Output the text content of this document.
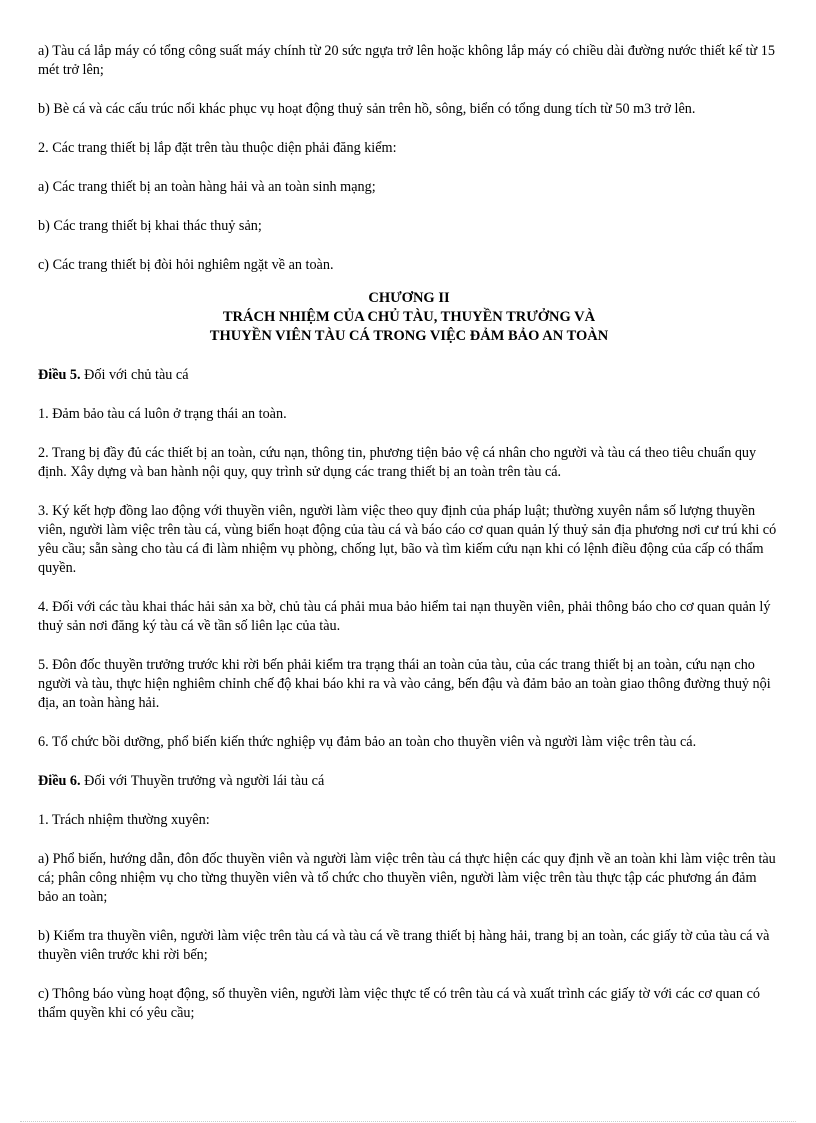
a) Tàu cá lắp máy có tổng công suất máy chính từ 20 sức ngựa trở lên hoặc không lắp máy có chiều dài đường nước thiết kế từ 15 mét trở lên;

b) Bè cá và các cấu trúc nổi khác phục vụ hoạt động thuỷ sản trên hồ, sông, biển có tổng dung tích từ 50 m3 trở lên.

2. Các trang thiết bị lắp đặt trên tàu thuộc diện phải đăng kiểm:

a) Các trang thiết bị an toàn hàng hải và an toàn sinh mạng;

b) Các trang thiết bị khai thác thuỷ sản;

c) Các trang thiết bị đòi hỏi nghiêm ngặt về an toàn.

CHƯƠNG II
TRÁCH NHIỆM CỦA CHỦ TÀU, THUYỀN TRƯỞNG VÀ
THUYỀN VIÊN TÀU CÁ TRONG VIỆC ĐẢM BẢO AN TOÀN

Điều 5. Đối với chủ tàu cá

1. Đảm bảo tàu cá luôn ở trạng thái an toàn.

2. Trang bị đầy đủ các thiết bị an toàn, cứu nạn, thông tin, phương tiện bảo vệ cá nhân cho người và tàu cá theo tiêu chuẩn quy định. Xây dựng và ban hành nội quy, quy trình sử dụng các trang thiết bị an toàn trên tàu cá.

3. Ký kết hợp đồng lao động với thuyền viên, người làm việc theo quy định của pháp luật; thường xuyên nắm số lượng thuyền viên, người làm việc trên tàu cá, vùng biển hoạt động của tàu cá và báo cáo cơ quan quản lý thuỷ sản địa phương nơi cư trú khi có yêu cầu; sẵn sàng cho tàu cá đi làm nhiệm vụ phòng, chống lụt, bão và tìm kiếm cứu nạn khi có lệnh điều động của cấp có thẩm quyền.

4. Đối với các tàu khai thác hải sản xa bờ, chủ tàu cá phải mua bảo hiểm tai nạn thuyền viên, phải thông báo cho cơ quan quản lý thuỷ sản nơi đăng ký tàu cá về tần số liên lạc của tàu.

5. Đôn đốc thuyền trưởng trước khi rời bến phải kiểm tra trạng thái an toàn của tàu, của các trang thiết bị an toàn, cứu nạn cho người và tàu, thực hiện nghiêm chỉnh chế độ khai báo khi ra và vào cảng, bến đậu và đảm bảo an toàn giao thông đường thuỷ nội địa, an toàn hàng hải.

6. Tổ chức bồi dưỡng, phổ biến kiến thức nghiệp vụ đảm bảo an toàn cho thuyền viên và người làm việc trên tàu cá.

Điều 6. Đối với Thuyền trưởng và người lái tàu cá

1. Trách nhiệm thường xuyên:

a) Phổ biến, hướng dẫn, đôn đốc thuyền viên và người làm việc trên tàu cá thực hiện các quy định về an toàn khi làm việc trên tàu cá; phân công nhiệm vụ cho từng thuyền viên và tổ chức cho thuyền viên, người làm việc trên tàu thực tập các phương án đảm bảo an toàn;

b) Kiểm tra thuyền viên, người làm việc trên tàu cá và tàu cá về trang thiết bị hàng hải, trang bị an toàn, các giấy tờ của tàu cá và thuyền viên trước khi rời bến;

c) Thông báo vùng hoạt động, số thuyền viên, người làm việc thực tế có trên tàu cá và xuất trình các giấy tờ với các cơ quan có thẩm quyền khi có yêu cầu;
